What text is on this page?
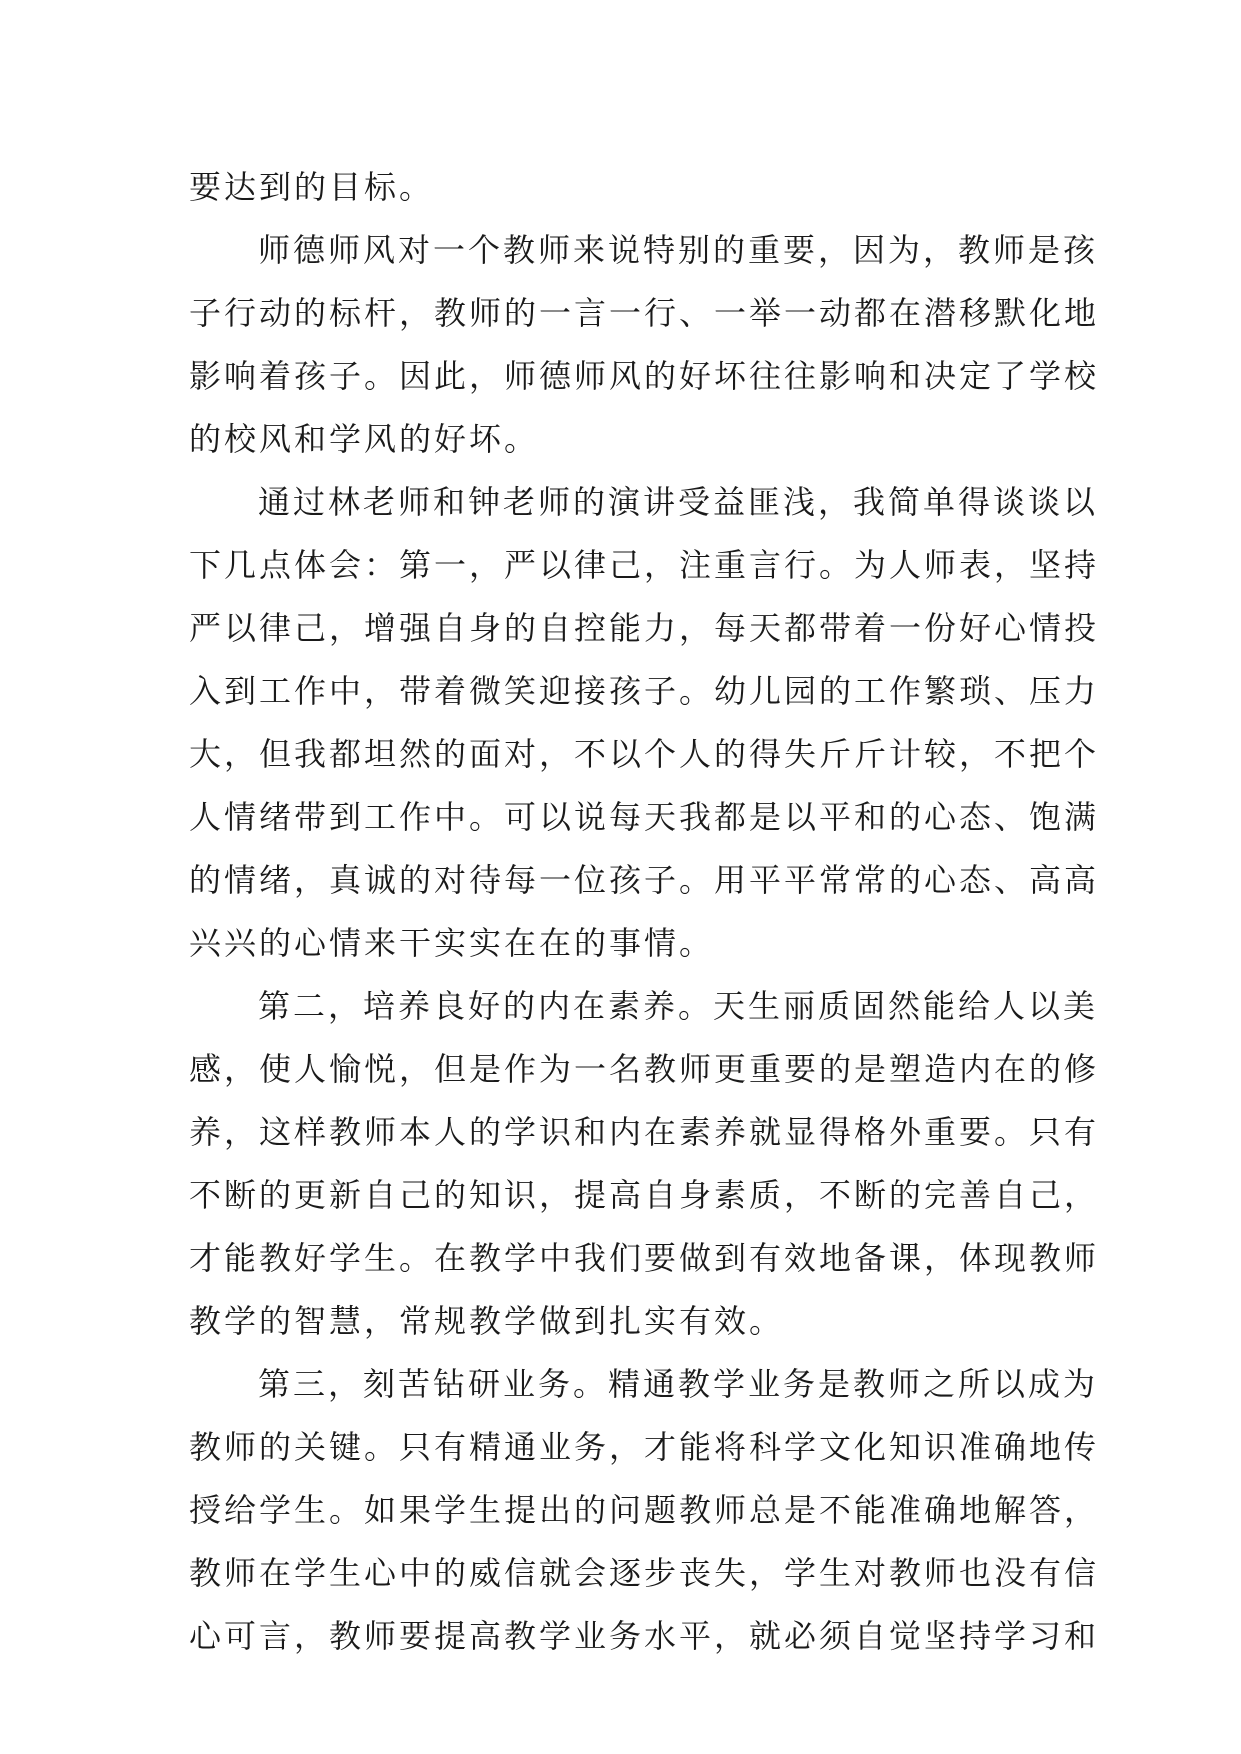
要达到的目标。
师德师风对一个教师来说特别的重要，因为，教师是孩
子行动的标杆，教师的一言一行、一举一动都在潜移默化地
影响着孩子。因此，师德师风的好坏往往影响和决定了学校
的校风和学风的好坏。
通过林老师和钟老师的演讲受益匪浅，我简单得谈谈以
下几点体会：第一，严以律己，注重言行。为人师表，坚持
严以律己，增强自身的自控能力，每天都带着一份好心情投
入到工作中，带着微笑迎接孩子。幼儿园的工作繁琐、压力
大，但我都坦然的面对，不以个人的得失斤斤计较，不把个
人情绪带到工作中。可以说每天我都是以平和的心态、饱满
的情绪，真诚的对待每一位孩子。用平平常常的心态、高高
兴兴的心情来干实实在在的事情。
第二，培养良好的内在素养。天生丽质固然能给人以美
感，使人愉悦，但是作为一名教师更重要的是塑造内在的修
养，这样教师本人的学识和内在素养就显得格外重要。只有
不断的更新自己的知识，提高自身素质，不断的完善自己，
才能教好学生。在教学中我们要做到有效地备课，体现教师
教学的智慧，常规教学做到扎实有效。
第三，刻苦钻研业务。精通教学业务是教师之所以成为
教师的关键。只有精通业务，才能将科学文化知识准确地传
授给学生。如果学生提出的问题教师总是不能准确地解答，
教师在学生心中的威信就会逐步丧失，学生对教师也没有信
心可言，教师要提高教学业务水平，就必须自觉坚持学习和
